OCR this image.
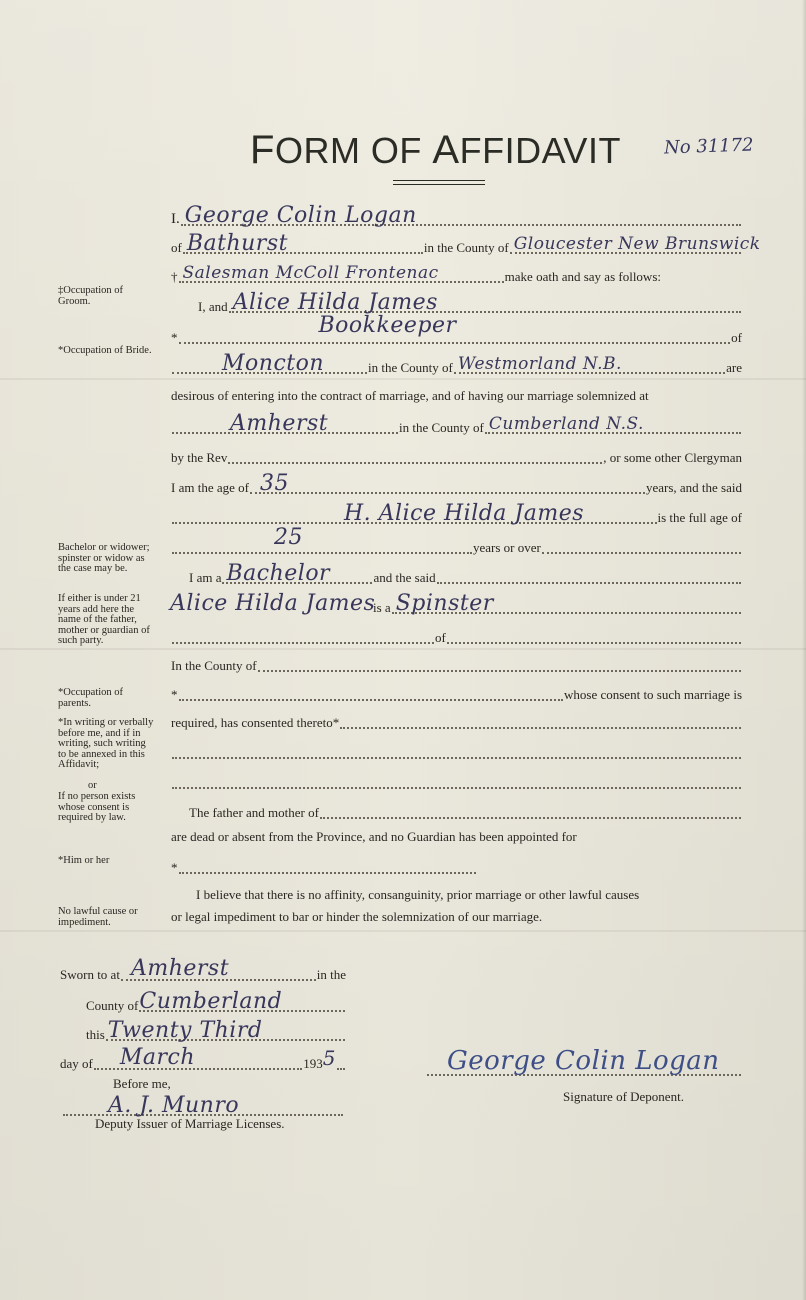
FORM OF AFFIDAVIT No 31172
‡Occupation of Groom.
*Occupation of Bride.
Bachelor or widower; spinster or widow as the case may be.
If either is under 21 years add here the name of the father, mother or guardian of such party.
*Occupation of parents.
*In writing or verbally before me, and if in writing, such writing to be annexed in this Affidavit;
or
If no person exists whose consent is required by law.
*Him or her
No lawful cause or impediment.
I. George Colin Logan
of Bathurst	in the County of Gloucester New Brunswick
† Salesman McColl Frontenac	make oath and say as follows:
I, and Alice Hilda James
*	Bookkeeper	of
Moncton	in the County of Westmorland N.B.	are
desirous of entering into the contract of marriage, and of having our marriage solemnized at
Amherst	in the County of Cumberland N.S.
by the Rev	, or some other Clergyman
I am the age of 35	years, and the said
H. Alice Hilda James	is the full age of
25	years or over
I am a Bachelor	and the said
Alice Hilda James
is a Spinster
of
In the County of
*	whose consent to such marriage is
required, has consented thereto*
The father and mother of
are dead or absent from the Province, and no Guardian has been appointed for
*
I believe that there is no affinity, consanguinity, prior marriage or other lawful causes
or legal impediment to bar or hinder the solemnization of our marriage.
Sworn to at Amherst	in the
County of Cumberland
this Twenty Third
day of March	193 5
Before me,
A. J. Munro
Deputy Issuer of Marriage Licenses.
George Colin Logan
Signature of Deponent.
